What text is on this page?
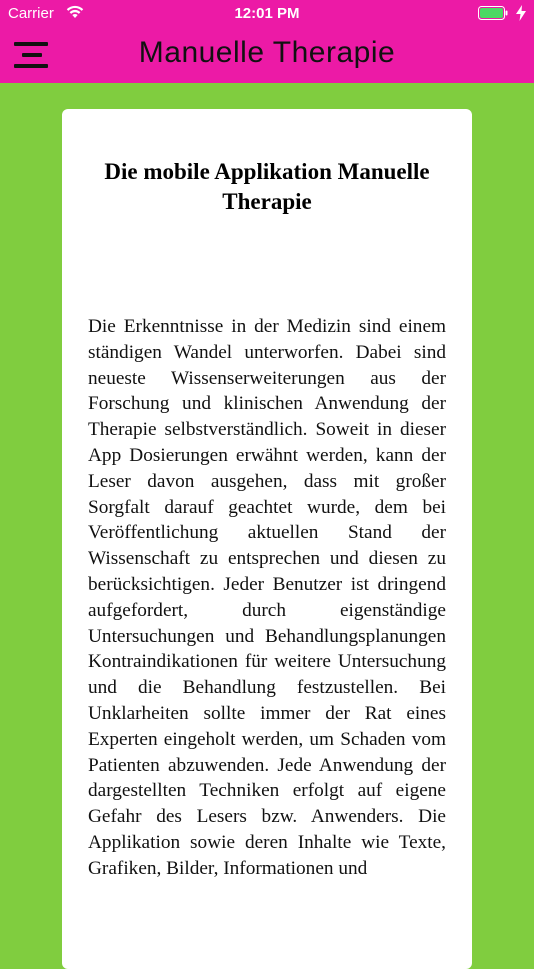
Carrier	12:01 PM
Manuelle Therapie
Die mobile Applikation Manuelle Therapie

Die Erkenntnisse in der Medizin sind einem ständigen Wandel unterworfen. Dabei sind neueste Wissenserweiterungen aus der Forschung und klinischen Anwendung der Therapie selbstverständlich. Soweit in dieser App Dosierungen erwähnt werden, kann der Leser davon ausgehen, dass mit großer Sorgfalt darauf geachtet wurde, dem bei Veröffentlichung aktuellen Stand der Wissenschaft zu entsprechen und diesen zu berücksichtigen. Jeder Benutzer ist dringend aufgefordert, durch eigenständige Untersuchungen und Behandlungsplanungen Kontraindikationen für weitere Untersuchung und die Behandlung festzustellen. Bei Unklarheiten sollte immer der Rat eines Experten eingeholt werden, um Schaden vom Patienten abzuwenden. Jede Anwendung der dargestellten Techniken erfolgt auf eigene Gefahr des Lesers bzw. Anwenders. Die Applikation sowie deren Inhalte wie Texte, Grafiken, Bilder, Informationen und
